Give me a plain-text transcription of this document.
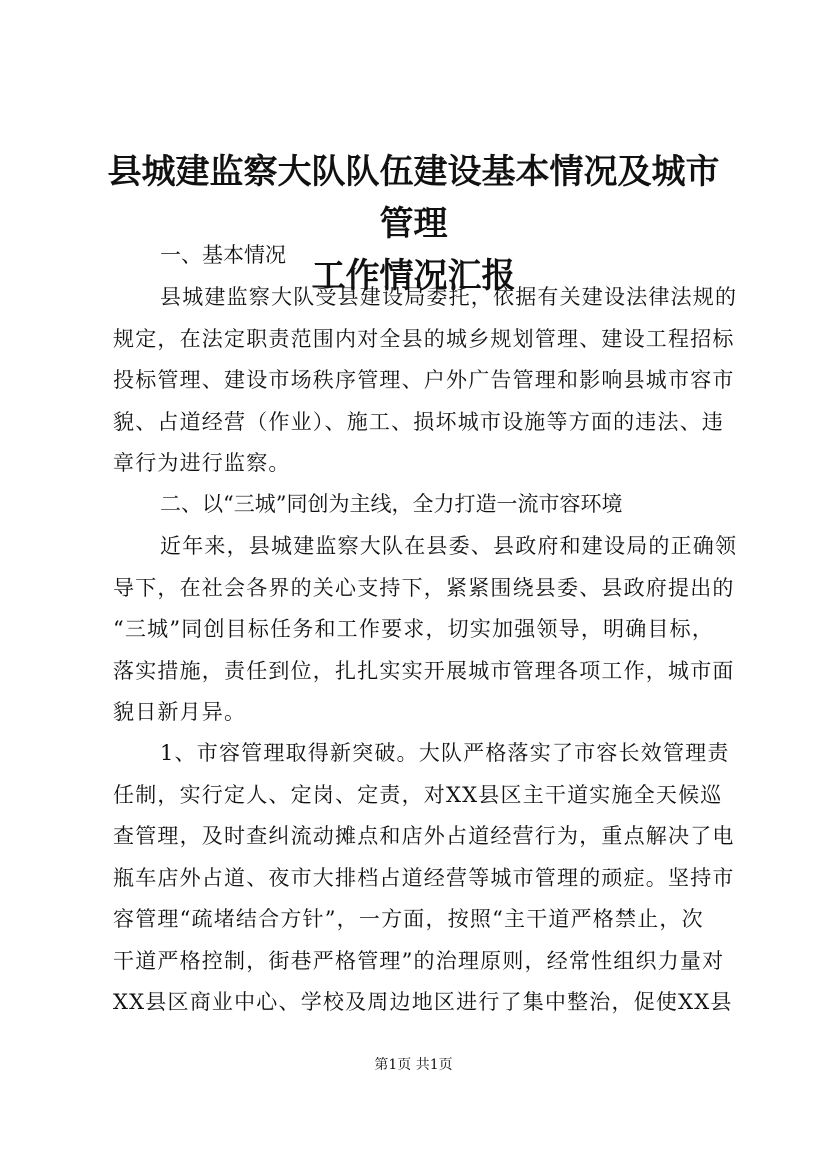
县城建监察大队队伍建设基本情况及城市管理
工作情况汇报

一、基本情况

县城建监察大队受县建设局委托，依据有关建设法律法规的
规定，在法定职责范围内对全县的城乡规划管理、建设工程招标
投标管理、建设市场秩序管理、户外广告管理和影响县城市容市
貌、占道经营（作业）、施工、损坏城市设施等方面的违法、违
章行为进行监察。

二、以“三城”同创为主线，全力打造一流市容环境

近年来，县城建监察大队在县委、县政府和建设局的正确领
导下，在社会各界的关心支持下，紧紧围绕县委、县政府提出的
“三城”同创目标任务和工作要求，切实加强领导，明确目标，
落实措施，责任到位，扎扎实实开展城市管理各项工作，城市面
貌日新月异。

1、市容管理取得新突破。大队严格落实了市容长效管理责
任制，实行定人、定岗、定责，对XX县区主干道实施全天候巡
查管理，及时查纠流动摊点和店外占道经营行为，重点解决了电
瓶车店外占道、夜市大排档占道经营等城市管理的顽症。坚持市
容管理“疏堵结合方针”，一方面，按照“主干道严格禁止，次
干道严格控制，街巷严格管理”的治理原则，经常性组织力量对
XX县区商业中心、学校及周边地区进行了集中整治，促使XX县

第1页 共1页
